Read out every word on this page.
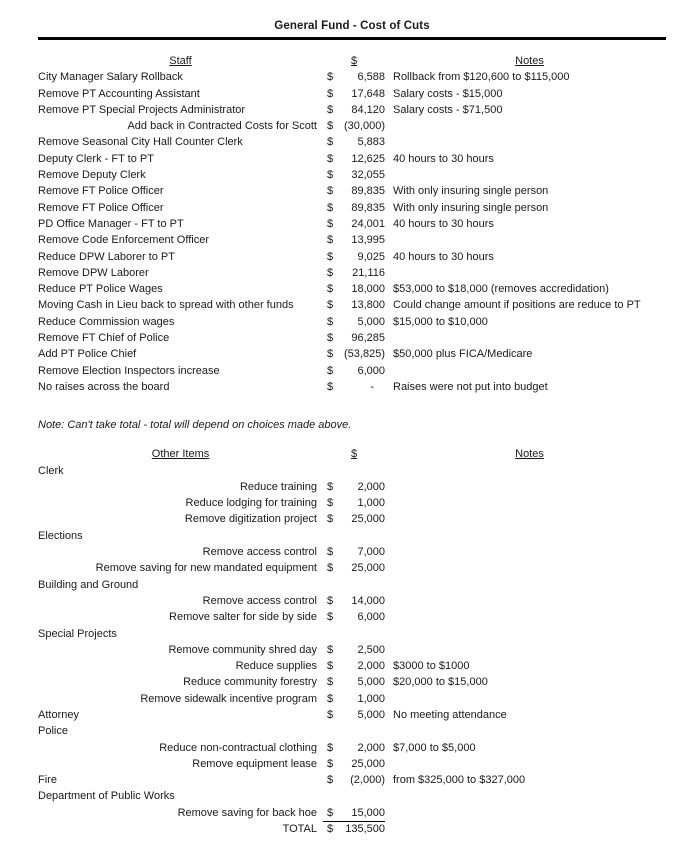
General Fund - Cost of Cuts
Staff	$	Notes
City Manager Salary Rollback	$	6,588 Rollback from $120,600 to $115,000
Remove PT Accounting Assistant	$	17,648 Salary costs - $15,000
Remove PT Special Projects Administrator	$	84,120 Salary costs - $71,500
Add back in Contracted Costs for Scott $ (30,000)
Remove Seasonal City Hall Counter Clerk	$	5,883
Deputy Clerk - FT to PT	$	12,625 40 hours to 30 hours
Remove Deputy Clerk	$	32,055
Remove FT Police Officer	$	89,835 With only insuring single person
Remove FT Police Officer	$	89,835 With only insuring single person
PD Office Manager - FT to PT	$	24,001 40 hours to 30 hours
Remove Code Enforcement Officer	$	13,995
Reduce DPW Laborer to PT	$	9,025 40 hours to 30 hours
Remove DPW Laborer	$	21,116
Reduce PT Police Wages	$	18,000 $53,000 to $18,000 (removes accredidation)
Moving Cash in Lieu back to spread with other funds	$	13,800 Could change amount if positions are reduce to PT
Reduce Commission wages	$	5,000 $15,000 to $10,000
Remove FT Chief of Police	$	96,285
Add PT Police Chief	$ (53,825) $50,000 plus FICA/Medicare
Remove Election Inspectors increase	$	6,000
No raises across the board	$	-	Raises were not put into budget
Note: Can't take total - total will depend on choices made above.
Other Items	$	Notes
Clerk
Reduce training $	2,000
Reduce lodging for training $	1,000
Remove digitization project $	25,000
Elections
Remove access control $	7,000
Remove saving for new mandated equipment $	25,000
Building and Ground
Remove access control $	14,000
Remove salter for side by side $	6,000
Special Projects
Remove community shred day $	2,500
Reduce supplies $	2,000 $3000 to $1000
Reduce community forestry $	5,000 $20,000 to $15,000
Remove sidewalk incentive program $	1,000
Attorney	$	5,000 No meeting attendance
Police
Reduce non-contractual clothing $	2,000 $7,000 to $5,000
Remove equipment lease $	25,000
Fire	$	(2,000) from $325,000 to $327,000
Department of Public Works
Remove saving for back hoe $	15,000
TOTAL $	135,500
